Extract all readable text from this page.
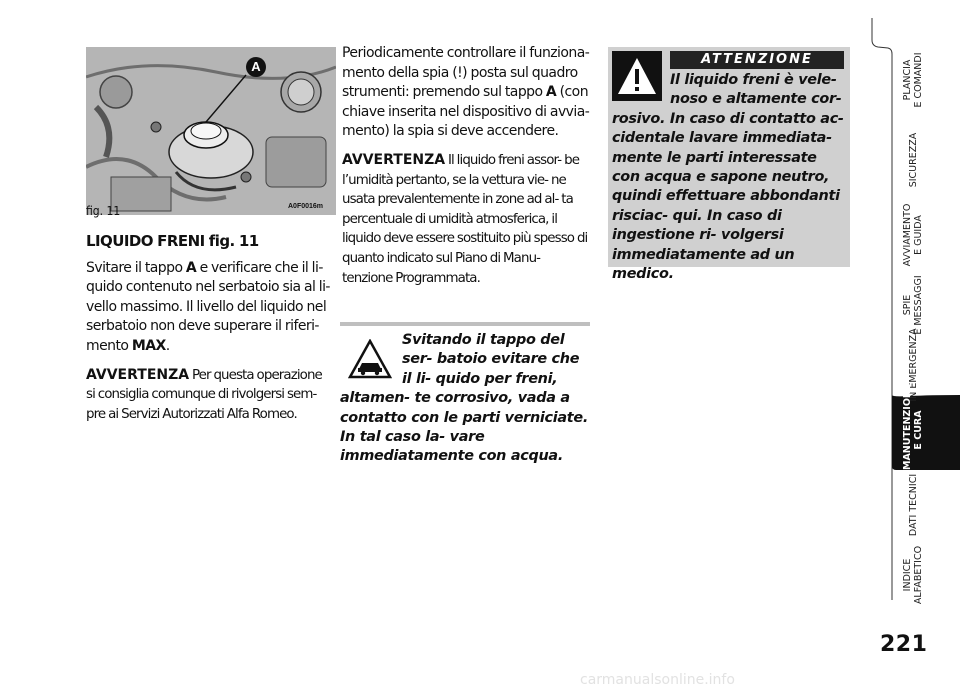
A
fig. 11	A0F0016m

LIQUIDO FRENI fig. 11

Svitare il tappo A e verificare che il li- quido contenuto nel serbatoio sia al li- vello massimo. Il livello del liquido nel serbatoio non deve superare il riferi- mento MAX.

AVVERTENZA Per questa operazione si consiglia comunque di rivolgersi sem- pre ai Servizi Autorizzati Alfa Romeo.

Periodicamente controllare il funziona- mento della spia (!) posta sul quadro strumenti: premendo sul tappo A (con chiave inserita nel dispositivo di avvia- mento) la spia si deve accendere.

AVVERTENZA Il liquido freni assor- be l’umidità pertanto, se la vettura vie- ne usata prevalentemente in zone ad al- ta percentuale di umidità atmosferica, il liquido deve essere sostituito più spesso di quanto indicato sul Piano di Manu- tenzione Programmata.

Svitando il tappo del ser- batoio evitare che il li- quido per freni, altamen- te corrosivo, vada a contatto con le parti verniciate. In tal caso la- vare immediatamente con acqua.
ATTENZIONE
Il liquido freni è vele- noso e altamente cor- rosivo. In caso di contatto ac- cidentale lavare immediata- mente le parti interessate con acqua e sapone neutro, quindi effettuare abbondanti risciac- qui. In caso di ingestione ri- volgersi immediatamente ad un medico.
PLANCIA E COMANDI
SICUREZZA
AVVIAMENTO E GUIDA
SPIE E MESSAGGI
IN EMERGENZA
MANUTENZIONE E CURA
DATI TECNICI
INDICE ALFABETICO
221
carmanualsonline.info
